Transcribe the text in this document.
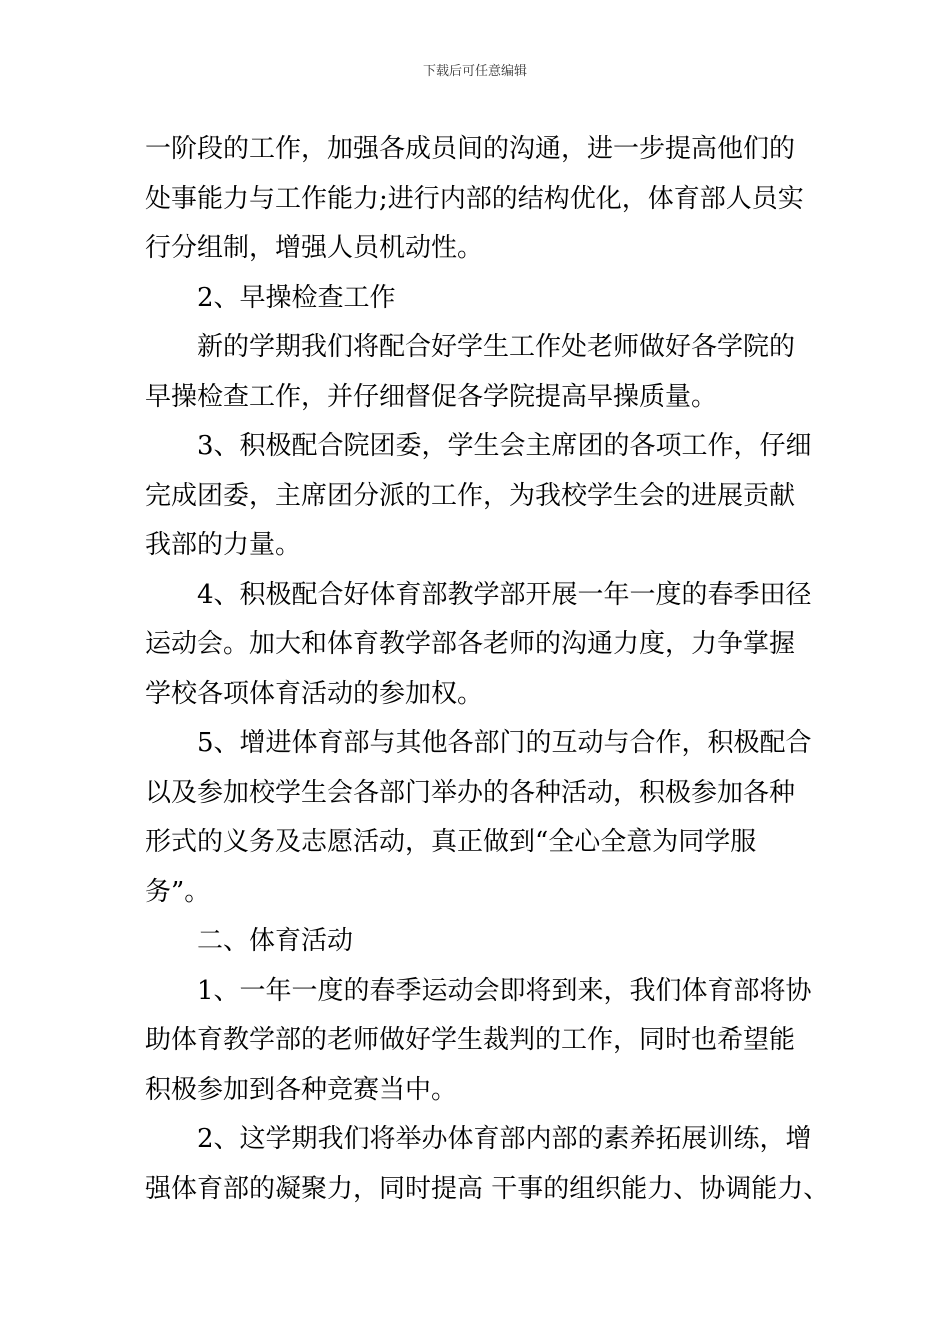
下载后可任意编辑
一阶段的工作，加强各成员间的沟通，进一步提高他们的
处事能力与工作能力;进行内部的结构优化，体育部人员实
行分组制，增强人员机动性。
2、早操检查工作
新的学期我们将配合好学生工作处老师做好各学院的
早操检查工作，并仔细督促各学院提高早操质量。
3、积极配合院团委，学生会主席团的各项工作，仔细
完成团委，主席团分派的工作，为我校学生会的进展贡献
我部的力量。
4、积极配合好体育部教学部开展一年一度的春季田径
运动会。加大和体育教学部各老师的沟通力度，力争掌握
学校各项体育活动的参加权。
5、增进体育部与其他各部门的互动与合作，积极配合
以及参加校学生会各部门举办的各种活动，积极参加各种
形式的义务及志愿活动，真正做到“全心全意为同学服
务”。
二、体育活动
1、一年一度的春季运动会即将到来，我们体育部将协
助体育教学部的老师做好学生裁判的工作，同时也希望能
积极参加到各种竞赛当中。
2、这学期我们将举办体育部内部的素养拓展训练，增
强体育部的凝聚力，同时提高 干事的组织能力、协调能力、
